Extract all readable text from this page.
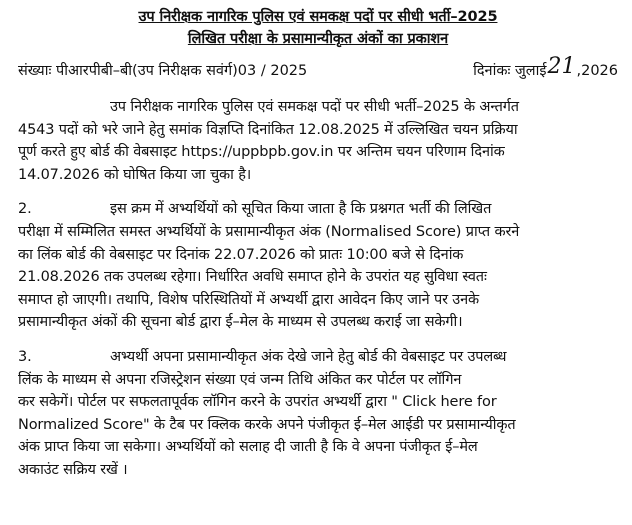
उप निरीक्षक नागरिक पुलिस एवं समकक्ष पदों पर सीधी भर्ती–2025
लिखित परीक्षा के प्रसामान्यीकृत अंकों का प्रकाशन
संख्याः पीआरपीबी–बी(उप निरीक्षक सवंर्ग)03 / 2025	दिनांकः जुलाई 21 ,2026
उप निरीक्षक नागरिक पुलिस एवं समकक्ष पदों पर सीधी भर्ती–2025 के अन्तर्गत
4543 पदों को भरे जाने हेतु समांक विज्ञप्ति दिनांकित 12.08.2025 में उल्लिखित चयन प्रक्रिया
पूर्ण करते हुए बोर्ड की वेबसाइट https://uppbpb.gov.in पर अन्तिम चयन परिणाम दिनांक
14.07.2026 को घोषित किया जा चुका है।
2.	इस क्रम में अभ्यर्थियों को सूचित किया जाता है कि प्रश्नगत भर्ती की लिखित
परीक्षा में सम्मिलित समस्त अभ्यर्थियों के प्रसामान्यीकृत अंक (Normalised Score) प्राप्त करने
का लिंक बोर्ड की वेबसाइट पर दिनांक 22.07.2026 को प्रातः 10:00 बजे से दिनांक
21.08.2026 तक उपलब्ध रहेगा। निर्धारित अवधि समाप्त होने के उपरांत यह सुविधा स्वतः
समाप्त हो जाएगी। तथापि, विशेष परिस्थितियों में अभ्यर्थी द्वारा आवेदन किए जाने पर उनके
प्रसामान्यीकृत अंकों की सूचना बोर्ड द्वारा ई–मेल के माध्यम से उपलब्ध कराई जा सकेगी।
3.	अभ्यर्थी अपना प्रसामान्यीकृत अंक देखे जाने हेतु बोर्ड की वेबसाइट पर उपलब्ध
लिंक के माध्यम से अपना रजिस्ट्रेशन संख्या एवं जन्म तिथि अंकित कर पोर्टल पर लॉगिन
कर सकेगें। पोर्टल पर सफलतापूर्वक लॉगिन करने के उपरांत अभ्यर्थी द्वारा " Click here for
Normalized Score" के टैब पर क्लिक करके अपने पंजीकृत ई–मेल आईडी पर प्रसामान्यीकृत
अंक प्राप्त किया जा सकेगा। अभ्यर्थियों को सलाह दी जाती है कि वे अपना पंजीकृत ई–मेल
अकाउंट सक्रिय रखें ।
